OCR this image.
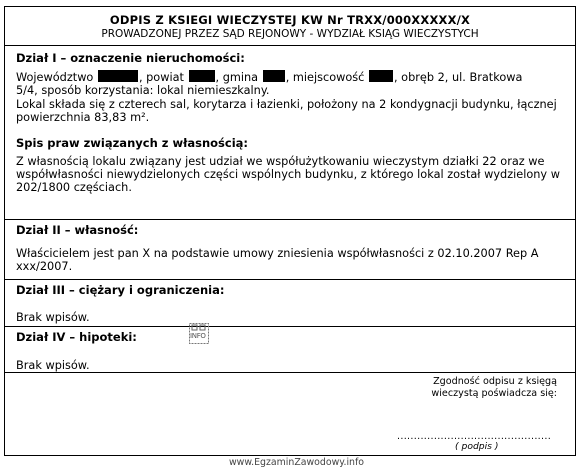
ODPIS Z KSIEGI WIECZYSTEJ KW Nr TRXX/000XXXXX/X
PROWADZONEJ PRZEZ SĄD REJONOWY - WYDZIAŁ KSIĄG WIECZYSTYCH
Dział I – oznaczenie nieruchomości:
Województwo	, powiat	, gmina , miejscowość	, obręb 2, ul. Bratkowa
5/4, sposób korzystania: lokal niemieszkalny.
Lokal składa się z czterech sal, korytarza i łazienki, położony na 2 kondygnacji budynku, łącznej powierzchnia 83,83 m².
Spis praw związanych z własnością:
Z własnością lokalu związany jest udział we współużytkowaniu wieczystym działki 22 oraz we współwłasności niewydzielonych części wspólnych budynku, z którego lokal został wydzielony w 202/1800 częściach.
Dział II – własność:
Właścicielem jest pan X na podstawie umowy zniesienia współwłasności z 02.10.2007 Rep A xxx/2007.
Dział III – ciężary i ograniczenia:
Brak wpisów.
Dział IV – hipoteki:
Brak wpisów.
Zgodność odpisu z księgą wieczystą poświadcza się:
..............................................
( podpis )
INFO
www.EgzaminZawodowy.info
